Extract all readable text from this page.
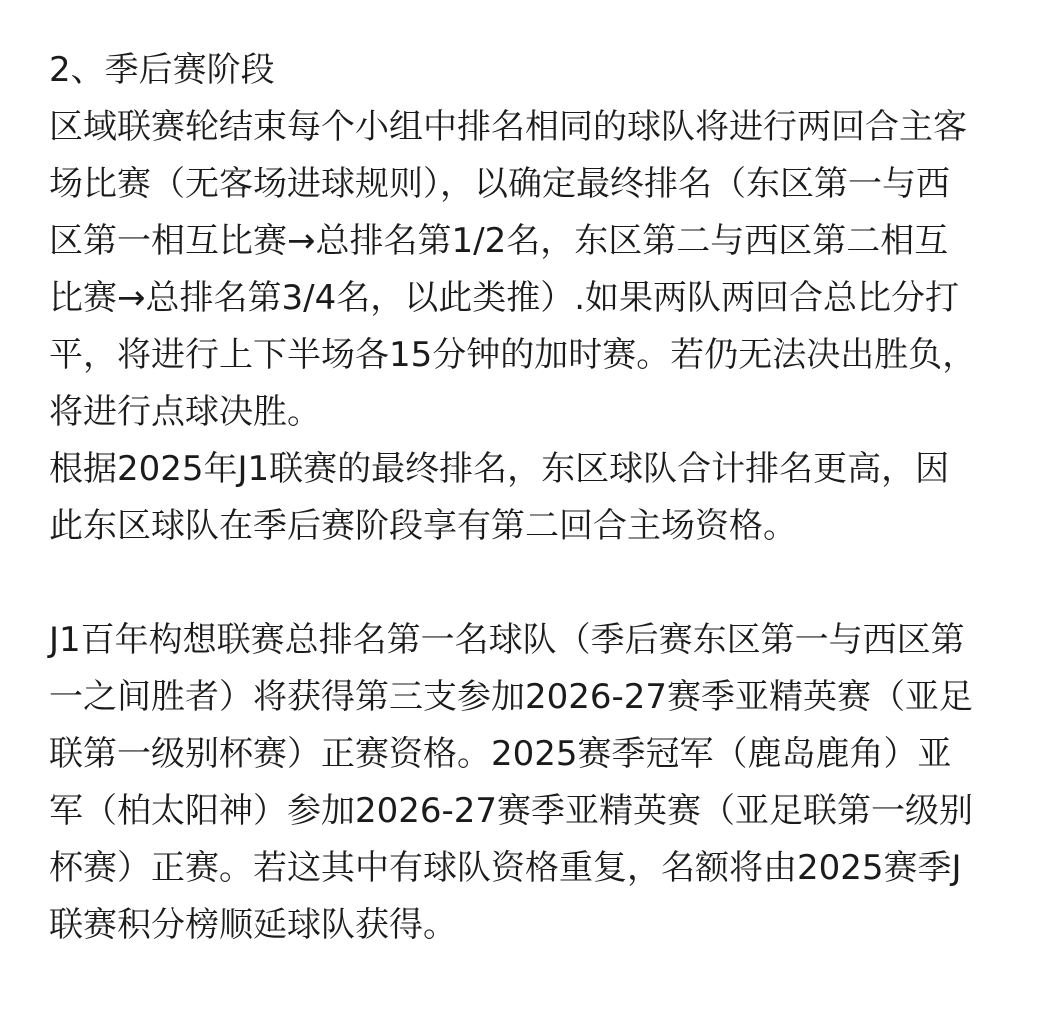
2、季后赛阶段
区域联赛轮结束每个小组中排名相同的球队将进行两回合主客
场比赛（无客场进球规则），以确定最终排名（东区第一与西
区第一相互比赛→总排名第1/2名，东区第二与西区第二相互
比赛→总排名第3/4名，以此类推）.如果两队两回合总比分打
平，将进行上下半场各15分钟的加时赛。若仍无法决出胜负，
将进行点球决胜。
根据2025年J1联赛的最终排名，东区球队合计排名更高，因
此东区球队在季后赛阶段享有第二回合主场资格。
J1百年构想联赛总排名第一名球队（季后赛东区第一与西区第
一之间胜者）将获得第三支参加2026-27赛季亚精英赛（亚足
联第一级别杯赛）正赛资格。2025赛季冠军（鹿岛鹿角）亚
军（柏太阳神）参加2026-27赛季亚精英赛（亚足联第一级别
杯赛）正赛。若这其中有球队资格重复，名额将由2025赛季J
联赛积分榜顺延球队获得。
